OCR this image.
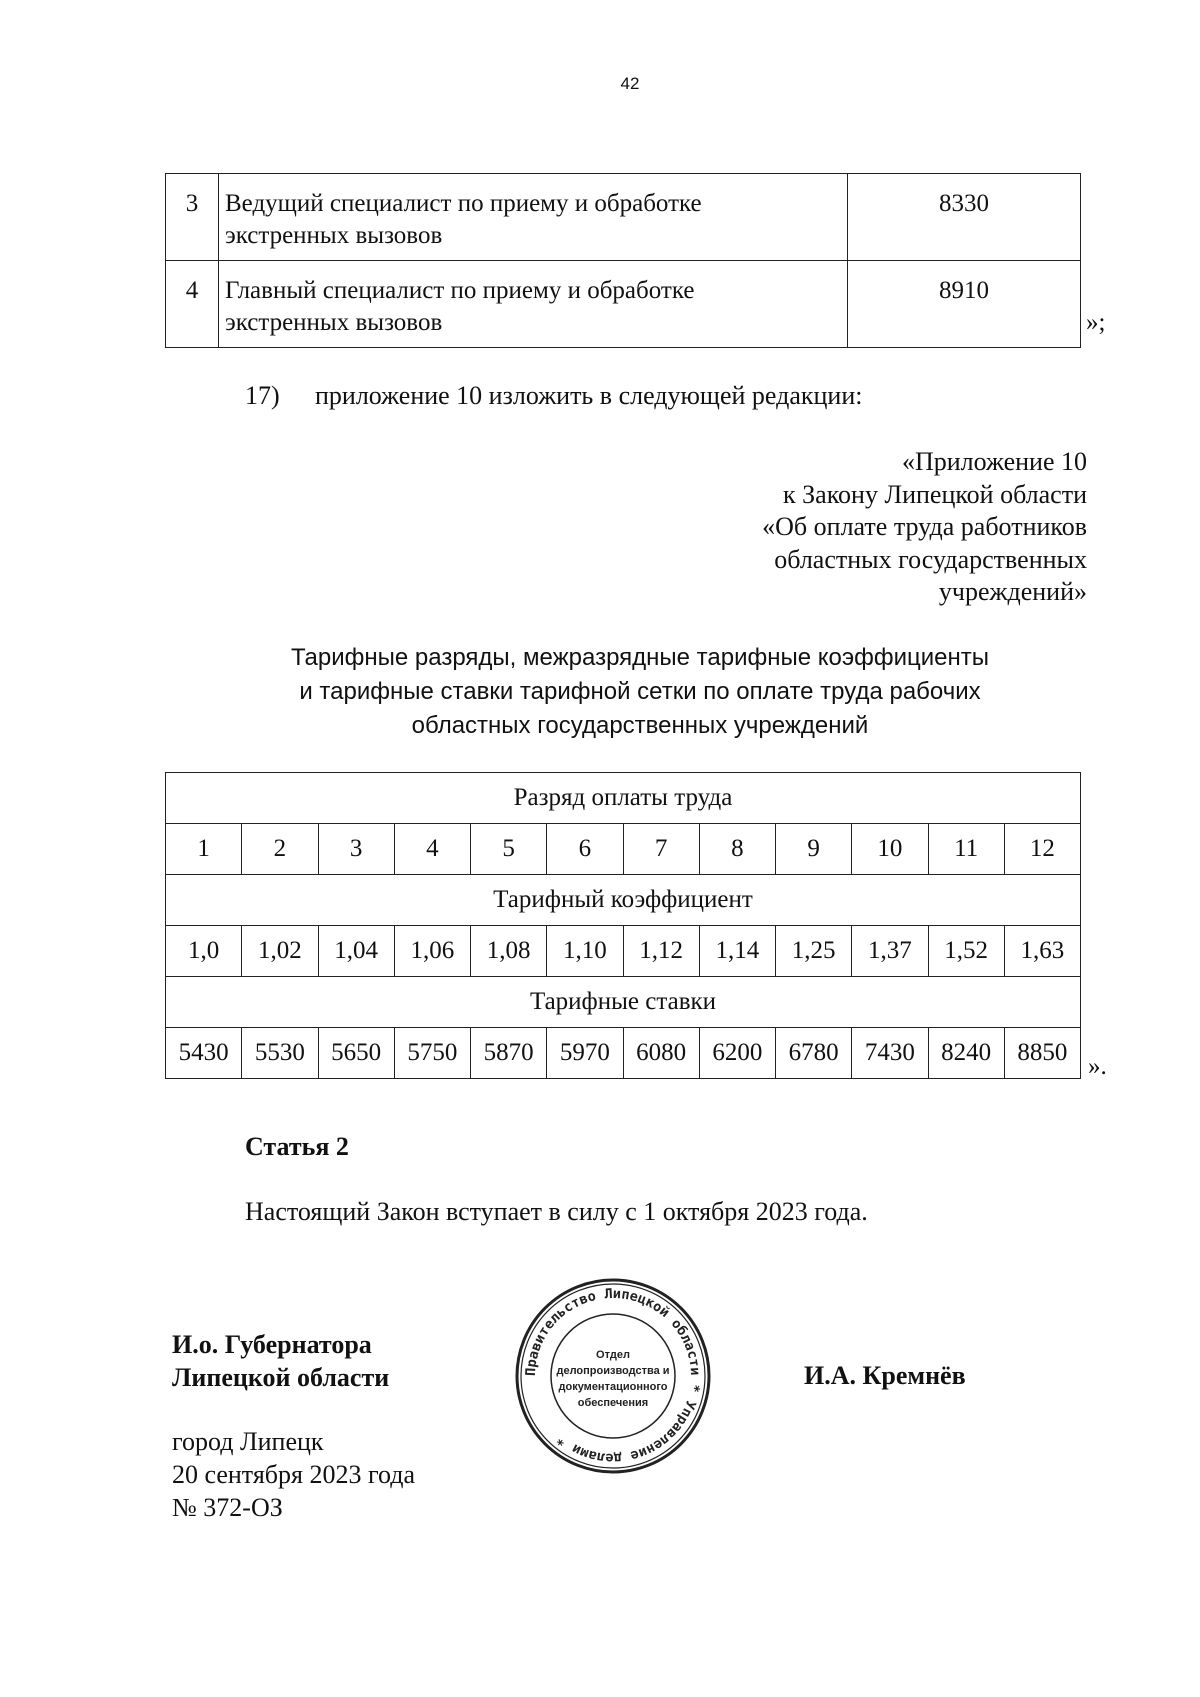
42
3	Ведущий специалист по приему и обработке
экстренных вызовов	8330
4	Главный специалист по приему и обработке
экстренных вызовов	8910
»;
17) приложение 10 изложить в следующей редакции:
«Приложение 10
к Закону Липецкой области
«Об оплате труда работников
областных государственных
учреждений»
Тарифные разряды, межразрядные тарифные коэффициенты
и тарифные ставки тарифной сетки по оплате труда рабочих
областных государственных учреждений
Разряд оплаты труда											
1	2	3	4	5	6	7	8	9	10	11	12
Тарифный коэффициент											
1,0	1,02	1,04	1,06	1,08	1,10	1,12	1,14	1,25	1,37	1,52	1,63
Тарифные ставки											
5430	5530	5650	5750	5870	5970	6080	6200	6780	7430	8240	8850
».
Статья 2
Настоящий Закон вступает в силу с 1 октября 2023 года.
И.о. Губернатора
Липецкой области	И.А. Кремнёв
город Липецк
20 сентября 2023 года
№ 372-ОЗ
Правительство Липецкой области * Управление делами *
Отдел
делопроизводства и
документационного
обеспечения
